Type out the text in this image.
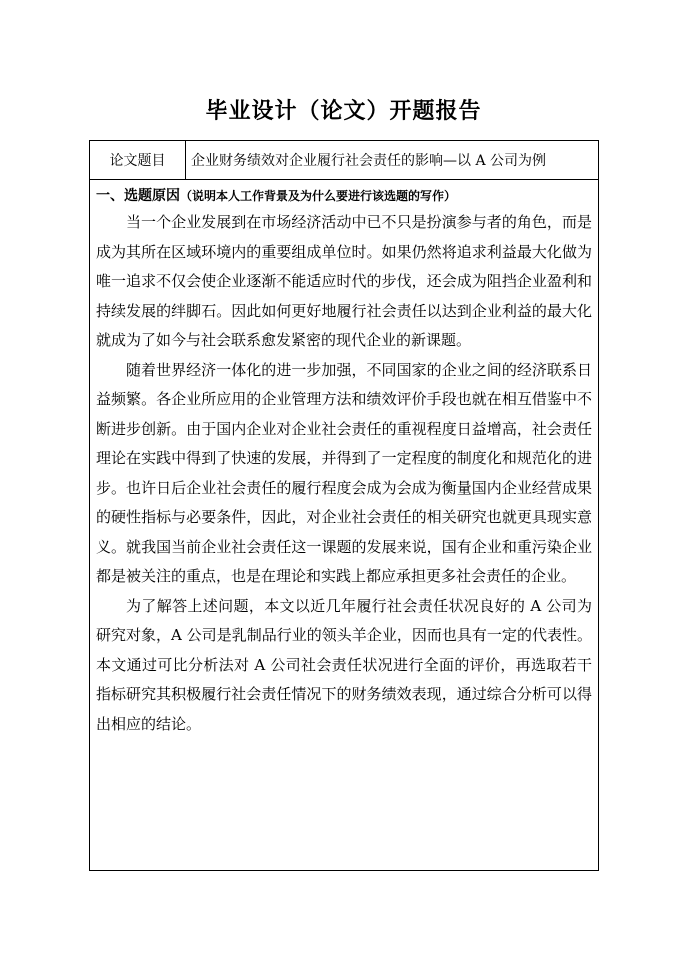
毕业设计（论文）开题报告
论文题目	企业财务绩效对企业履行社会责任的影响—以 A 公司为例
一、选题原因（说明本人工作背景及为什么要进行该选题的写作）

当一个企业发展到在市场经济活动中已不只是扮演参与者的角色，而是成为其所在区域环境内的重要组成单位时。如果仍然将追求利益最大化做为唯一追求不仅会使企业逐渐不能适应时代的步伐，还会成为阻挡企业盈利和持续发展的绊脚石。因此如何更好地履行社会责任以达到企业利益的最大化就成为了如今与社会联系愈发紧密的现代企业的新课题。

随着世界经济一体化的进一步加强，不同国家的企业之间的经济联系日益频繁。各企业所应用的企业管理方法和绩效评价手段也就在相互借鉴中不断进步创新。由于国内企业对企业社会责任的重视程度日益增高，社会责任理论在实践中得到了快速的发展，并得到了一定程度的制度化和规范化的进步。也许日后企业社会责任的履行程度会成为会成为衡量国内企业经营成果的硬性指标与必要条件，因此，对企业社会责任的相关研究也就更具现实意义。就我国当前企业社会责任这一课题的发展来说，国有企业和重污染企业都是被关注的重点，也是在理论和实践上都应承担更多社会责任的企业。

为了解答上述问题，本文以近几年履行社会责任状况良好的 A 公司为研究对象，A 公司是乳制品行业的领头羊企业，因而也具有一定的代表性。本文通过可比分析法对 A 公司社会责任状况进行全面的评价，再选取若干指标研究其积极履行社会责任情况下的财务绩效表现，通过综合分析可以得出相应的结论。
